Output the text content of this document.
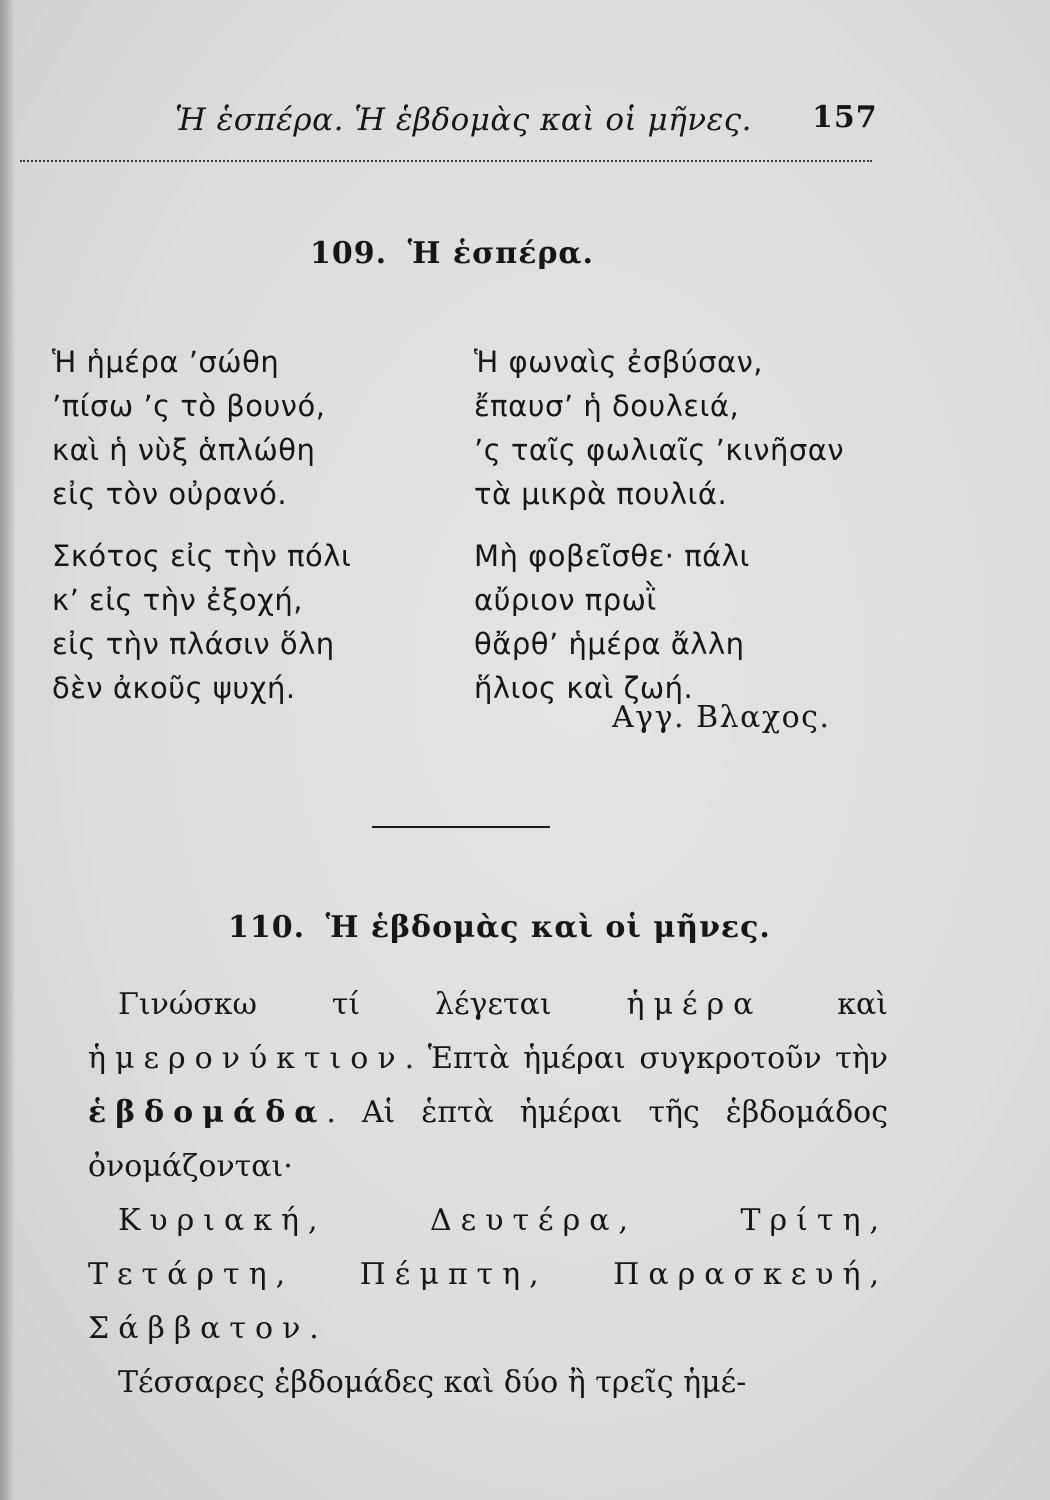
Ἡ ἑσπέρα. Ἡ ἑβδομὰς καὶ οἱ μῆνες. 157
109. Ἡ ἑσπέρα.
Ἡ ἡμέρα ’σώθη
’πίσω ’ς τὸ βουνό,
καὶ ἡ νὺξ ἁπλώθη
εἰς τὸν οὐρανό.
Ἡ φωναὶς ἐσβύσαν,
ἔπαυσ’ ἡ δουλειά,
’ς ταῖς φωλιαῖς ’κινῆσαν
τὰ μικρὰ πουλιά.
Σκότος εἰς τὴν πόλι
κ’ εἰς τὴν ἐξοχή,
εἰς τὴν πλάσιν ὅλη
δὲν ἀκοῦς ψυχή.
Μὴ φοβεῖσθε· πάλι
αὔριον πρωῒ
θἄρθ’ ἡμέρα ἄλλη
ἥλιος καὶ ζωή.
Αγγ. Βλαχος.
110. Ἡ ἑβδομὰς καὶ οἱ μῆνες.

Γινώσκω τί λέγεται ἡμέρα καὶ ἡμερονύκτιον. Ἑπτὰ ἡμέραι συγκροτοῦν τὴν ἑβδομάδα. Αἱ ἑπτὰ ἡμέραι τῆς ἑβδομάδος ὀνομάζονται·

Κυριακή, Δευτέρα, Τρίτη, Τετάρτη, Πέμπτη, Παρασκευή, Σάββατον.

Τέσσαρες ἑβδομάδες καὶ δύο ἢ τρεῖς ἡμέ-
